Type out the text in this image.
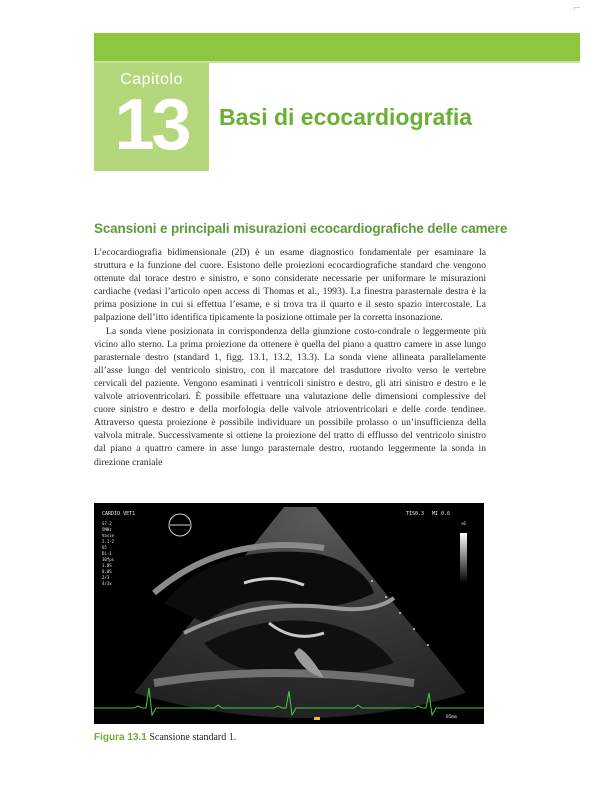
⌐
Capitolo
13	Basi di ecocardiografia
Scansioni e principali misurazioni ecocardiografiche delle camere

L’ecocardiografia bidimensionale (2D) è un esame diagnostico fondamentale per esaminare la struttura e la funzione del cuore. Esistono delle proiezioni ecocardiografiche standard che vengono ottenute dal torace destro e sinistro, e sono considerate necessarie per uniformare le misurazioni cardiache (vedasi l’articolo open access di Thomas et al., 1993). La finestra parasternale destra è la prima posizione in cui si effettua l’esame, e si trova tra il quarto e il sesto spazio intercostale. La palpazione dell’itto identifica tipicamente la posizione ottimale per la corretta insonazione.

La sonda viene posizionata in corrispondenza della giunzione costo-condrale o leggermente più vicino allo sterno. La prima proiezione da ottenere è quella del piano a quattro camere in asse lungo parasternale destro (standard 1, figg. 13.1, 13.2, 13.3). La sonda viene allineata parallelamente all’asse lungo del ventricolo sinistro, con il marcatore del trasduttore rivolto verso le vertebre cervicali del paziente. Vengono esaminati i ventricoli sinistro e destro, gli atri sinistro e destro e le valvole atrioventricolari. È possibile effettuare una valutazione delle dimensioni complessive del cuore sinistro e destro e della morfologia delle valvole atrioventricolari e delle corde tendinee. Attraverso questa proiezione è possibile individuare un possibile prolasso o un’insufficienza della valvola mitrale. Successivamente si ottiene la proiezione del tratto di efflusso del ventricolo sinistro dal piano a quattro camere in asse lungo parasternale destro, ruotando leggermente la sonda in direzione craniale

CARDIO VET1
S7-2
5MHz
Vasie
2.1-2
65
Di-1
30fps
1.0S
0.0S
2/3
4/3x
TIS0.3 MI 0.6
+6
85mm
Figura 13.1 Scansione standard 1.
